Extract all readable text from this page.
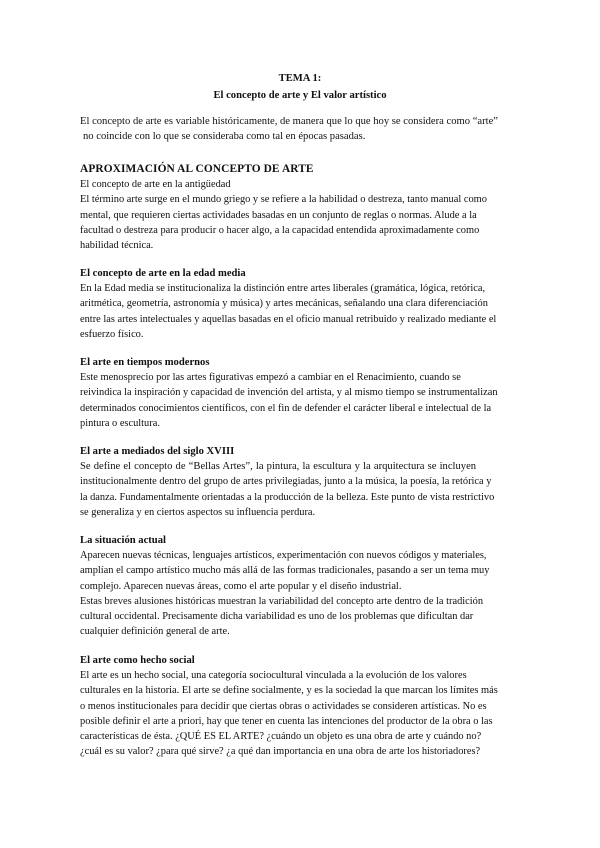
TEMA 1:
El concepto de arte y El valor artístico
El concepto de arte es variable históricamente, de manera que lo que hoy se considera como “arte”
no coincide con lo que se consideraba como tal en épocas pasadas.
APROXIMACIÓN AL CONCEPTO DE ARTE
El concepto de arte en la antigüedad
El término arte surge en el mundo griego y se refiere a la habilidad o destreza, tanto manual como
mental, que requieren ciertas actividades basadas en un conjunto de reglas o normas. Alude a la
facultad o destreza para producir o hacer algo, a la capacidad entendida aproximadamente como
habilidad técnica.
El concepto de arte en la edad media
En la Edad media se institucionaliza la distinción entre artes liberales (gramática, lógica, retórica,
aritmética, geometría, astronomía y música) y artes mecánicas, señalando una clara diferenciación
entre las artes intelectuales y aquellas basadas en el oficio manual retribuido y realizado mediante el
esfuerzo físico.
El arte en tiempos modernos
Este menosprecio por las artes figurativas empezó a cambiar en el Renacimiento, cuando se
reivindica la inspiración y capacidad de invención del artista, y al mismo tiempo se instrumentalizan
determinados conocimientos científicos, con el fin de defender el carácter liberal e intelectual de la
pintura o escultura.
El arte a mediados del siglo XVIII
Se define el concepto de “Bellas Artes”, la pintura, la escultura y la arquitectura se incluyen
institucionalmente dentro del grupo de artes privilegiadas, junto a la música, la poesía, la retórica y
la danza. Fundamentalmente orientadas a la producción de la belleza. Este punto de vista restrictivo
se generaliza y en ciertos aspectos su influencia perdura.
La situación actual
Aparecen nuevas técnicas, lenguajes artísticos, experimentación con nuevos códigos y materiales,
amplían el campo artístico mucho más allá de las formas tradicionales, pasando a ser un tema muy
complejo. Aparecen nuevas áreas, como el arte popular y el diseño industrial.
Estas breves alusiones históricas muestran la variabilidad del concepto arte dentro de la tradición
cultural occidental. Precisamente dicha variabilidad es uno de los problemas que dificultan dar
cualquier definición general de arte.
El arte como hecho social
El arte es un hecho social, una categoría sociocultural vinculada a la evolución de los valores
culturales en la historia. El arte se define socialmente, y es la sociedad la que marcan los límites más
o menos institucionales para decidir que ciertas obras o actividades se consideren artísticas. No es
posible definir el arte a priori, hay que tener en cuenta las intenciones del productor de la obra o las
características de ésta. ¿QUÉ ES EL ARTE? ¿cuándo un objeto es una obra de arte y cuándo no?
¿cuál es su valor? ¿para qué sirve? ¿a qué dan importancia en una obra de arte los historiadores?
